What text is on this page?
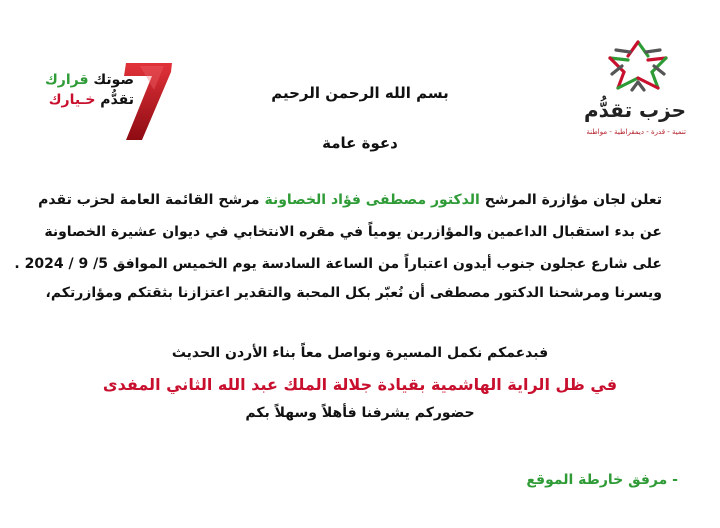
صوتك قرارك
تقدُّم خـيارك	حزب تقدُّم
تنمية - قدرة - ديمقراطية - مواطنة
بسم الله الرحمن الرحيم
دعوة عامة
تعلن لجان مؤازرة المرشح الدكتور مصطفى فؤاد الخصاونة مرشح القائمة العامة لحزب تقدم
عن بدء استقبال الداعمين والمؤازرين يومياً في مقره الانتخابي في ديوان عشيرة الخصاونة
على شارع عجلون جنوب أيدون اعتباراً من الساعة السادسة يوم الخميس الموافق 5/ 9 / 2024 .
ويسرنا ومرشحنا الدكتور مصطفى أن نُعبّر بكل المحبة والتقدير اعتزازنا بثقتكم ومؤازرتكم،
فبدعمكم نكمل المسيرة ونواصل معاً بناء الأردن الحديث
في ظل الراية الهاشمية بقيادة جلالة الملك عبد الله الثاني المفدى
حضوركم يشرفنا فأهلاً وسهلاً بكم
- مرفق خارطة الموقع
